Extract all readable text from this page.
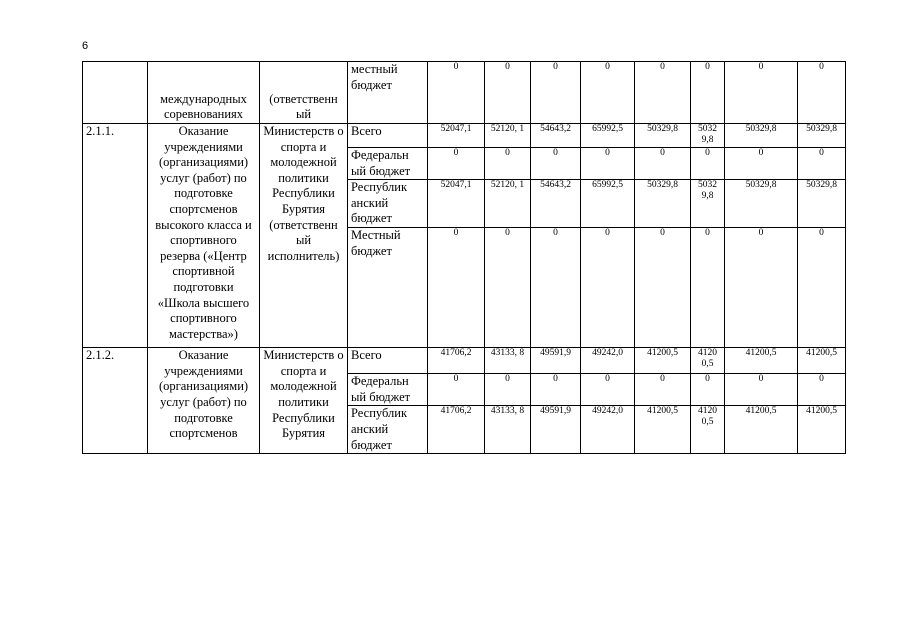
6
	международных соревнованиях	(ответственн ый	местный бюджет	0	0	0	0	0	0	0	0
2.1.1.	Оказание учреждениями (организациями) услуг (работ) по подготовке спортсменов высокого класса и спортивного резерва («Центр спортивной подготовки «Школа высшего спортивного мастерства»)	Министерств о спорта и молодежной политики Республики Бурятия (ответственн ый исполнитель)	Всего	52047,1	52120, 1	54643,2	65992,5	50329,8	5032 9,8	50329,8	50329,8
			Федеральн ый бюджет	0	0	0	0	0	0	0	0
			Республик анский бюджет	52047,1	52120, 1	54643,2	65992,5	50329,8	5032 9,8	50329,8	50329,8
			Местный бюджет	0	0	0	0	0	0	0	0
2.1.2.	Оказание учреждениями (организациями) услуг (работ) по подготовке спортсменов	Министерств о спорта и молодежной политики Республики Бурятия	Всего	41706,2	43133, 8	49591,9	49242,0	41200,5	4120 0,5	41200,5	41200,5
			Федеральн ый бюджет	0	0	0	0	0	0	0	0
			Республик анский бюджет	41706,2	43133, 8	49591,9	49242,0	41200,5	4120 0,5	41200,5	41200,5
